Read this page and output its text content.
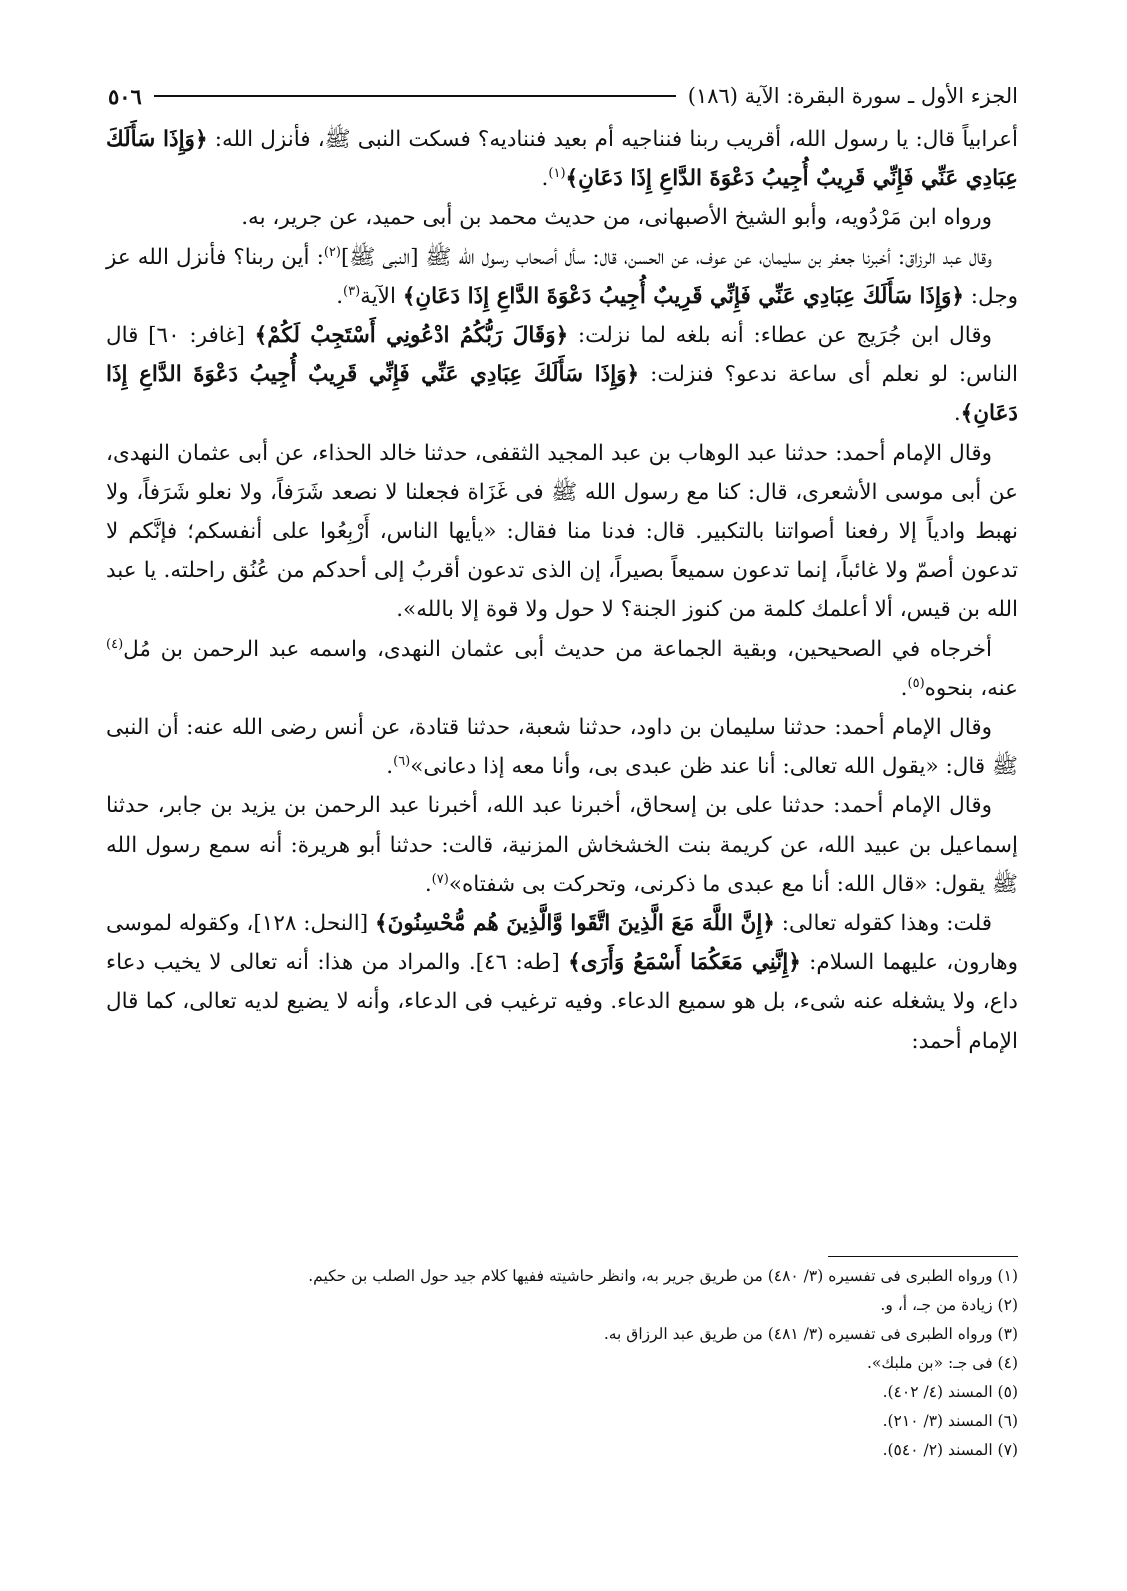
٥٠٦	الجزء الأول ـ سورة البقرة: الآية (١٨٦)

أعرابياً قال: يا رسول الله، أقريب ربنا فنناجيه أم بعيد فنناديه؟ فسكت النبى ﷺ، فأنزل الله: ﴿وَإِذَا سَأَلَكَ عِبَادِي عَنِّي فَإِنِّي قَرِيبٌ أُجِيبُ دَعْوَةَ الدَّاعِ إِذَا دَعَانِ﴾$^{(١)}$.

ورواه ابن مَرْدُويه، وأبو الشيخ الأصبهانى، من حديث محمد بن أبى حميد، عن جرير، به.

وقال عبد الرزاق: أخبرنا جعفر بن سليمان، عن عوف، عن الحسن، قال: سأل أصحاب رسول الله ﷺ [النبى ﷺ]$^{(٢)}$: أين ربنا؟ فأنزل الله عز وجل: ﴿وَإِذَا سَأَلَكَ عِبَادِي عَنِّي فَإِنِّي قَرِيبٌ أُجِيبُ دَعْوَةَ الدَّاعِ إِذَا دَعَانِ﴾ الآية$^{(٣)}$.

وقال ابن جُرَيج عن عطاء: أنه بلغه لما نزلت: ﴿وَقَالَ رَبُّكُمُ ادْعُونِي أَسْتَجِبْ لَكُمْ﴾ [غافر: ٦٠] قال الناس: لو نعلم أى ساعة ندعو؟ فنزلت: ﴿وَإِذَا سَأَلَكَ عِبَادِي عَنِّي فَإِنِّي قَرِيبٌ أُجِيبُ دَعْوَةَ الدَّاعِ إِذَا دَعَانِ﴾.

وقال الإمام أحمد: حدثنا عبد الوهاب بن عبد المجيد الثقفى، حدثنا خالد الحذاء، عن أبى عثمان النهدى، عن أبى موسى الأشعرى، قال: كنا مع رسول الله ﷺ فى غَزَاة فجعلنا لا نصعد شَرَفاً، ولا نعلو شَرَفاً، ولا نهبط وادياً إلا رفعنا أصواتنا بالتكبير. قال: فدنا منا فقال: «يأيها الناس، أَرْبِعُوا على أنفسكم؛ فإنَّكم لا تدعون أصمّ ولا غائباً، إنما تدعون سميعاً بصيراً، إن الذى تدعون أقربُ إلى أحدكم من عُنُق راحلته. يا عبد الله بن قيس، ألا أعلمك كلمة من كنوز الجنة؟ لا حول ولا قوة إلا بالله».

أخرجاه في الصحيحين، وبقية الجماعة من حديث أبى عثمان النهدى، واسمه عبد الرحمن بن مُل$^{(٤)}$ عنه، بنحوه$^{(٥)}$.

وقال الإمام أحمد: حدثنا سليمان بن داود، حدثنا شعبة، حدثنا قتادة، عن أنس رضى الله عنه: أن النبى ﷺ قال: «يقول الله تعالى: أنا عند ظن عبدى بى، وأنا معه إذا دعانى»$^{(٦)}$.

وقال الإمام أحمد: حدثنا على بن إسحاق، أخبرنا عبد الله، أخبرنا عبد الرحمن بن يزيد بن جابر، حدثنا إسماعيل بن عبيد الله، عن كريمة بنت الخشخاش المزنية، قالت: حدثنا أبو هريرة: أنه سمع رسول الله ﷺ يقول: «قال الله: أنا مع عبدى ما ذكرنى، وتحركت بى شفتاه»$^{(٧)}$.

قلت: وهذا كقوله تعالى: ﴿إِنَّ اللَّهَ مَعَ الَّذِينَ اتَّقَوا وَّالَّذِينَ هُم مُّحْسِنُونَ﴾ [النحل: ١٢٨]، وكقوله لموسى وهارون، عليهما السلام: ﴿إِنَّنِي مَعَكُمَا أَسْمَعُ وَأَرَى﴾ [طه: ٤٦]. والمراد من هذا: أنه تعالى لا يخيب دعاء داع، ولا يشغله عنه شىء، بل هو سميع الدعاء. وفيه ترغيب فى الدعاء، وأنه لا يضيع لديه تعالى، كما قال الإمام أحمد:

(١) ورواه الطبرى فى تفسيره (٣/ ٤٨٠) من طريق جرير به، وانظر حاشيته ففيها كلام جيد حول الصلب بن حكيم.

(٢) زيادة من جـ، أ، و.

(٣) ورواه الطبرى فى تفسيره (٣/ ٤٨١) من طريق عبد الرزاق به.

(٤) فى جـ: «بن ملبك».

(٥) المسند (٤/ ٤٠٢).

(٦) المسند (٣/ ٢١٠).

(٧) المسند (٢/ ٥٤٠).
